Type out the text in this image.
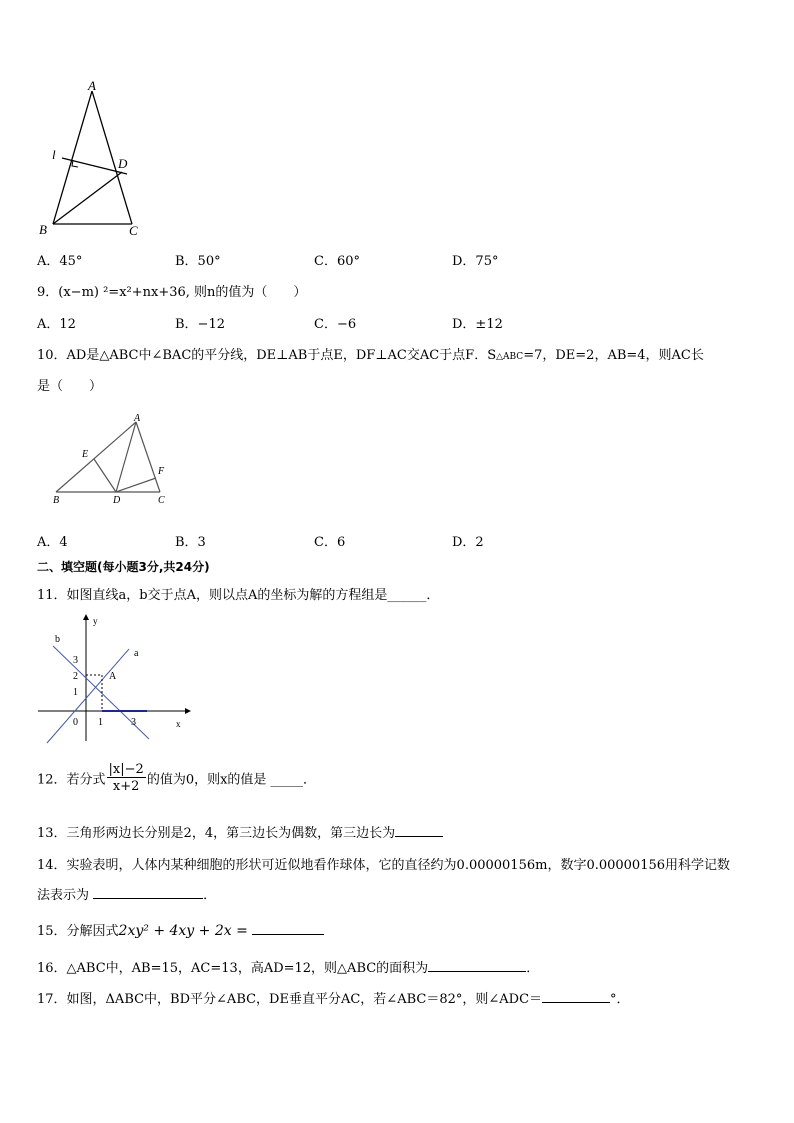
A
l
D
B	C
A．45°	B．50°	C．60°	D．75°
9．(x−m) ²=x²+nx+36, 则n的值为（　　）
A．12	B．−12	C．−6	D．±12
10．AD是△ABC中∠BAC的平分线，DE⊥AB于点E，DF⊥AC交AC于点F．S△ABC=7，DE=2，AB=4，则AC长
是（　　）
A
E
F
B	D	C
A．4	B．3	C．6	D．2
二、填空题(每小题3分,共24分)
11．如图直线a，b交于点A，则以点A的坐标为解的方程组是______．
y
b
a
3
2	A
1
0 1	3	x
12．若分式 $\frac{|x|-2}{x+2}$ 的值为0，则x的值是 _____．
13．三角形两边长分别是2，4，第三边长为偶数，第三边长为
14．实验表明，人体内某种细胞的形状可近似地看作球体，它的直径约为0.00000156m，数字0.00000156用科学记数
法表示为	．
15．分解因式2xy² + 4xy + 2x =
16．△ABC中，AB=15，AC=13，高AD=12，则△ABC的面积为	．
17．如图，ΔABC中，BD平分∠ABC，DE垂直平分AC，若∠ABC＝82°，则∠ADC＝	°．
